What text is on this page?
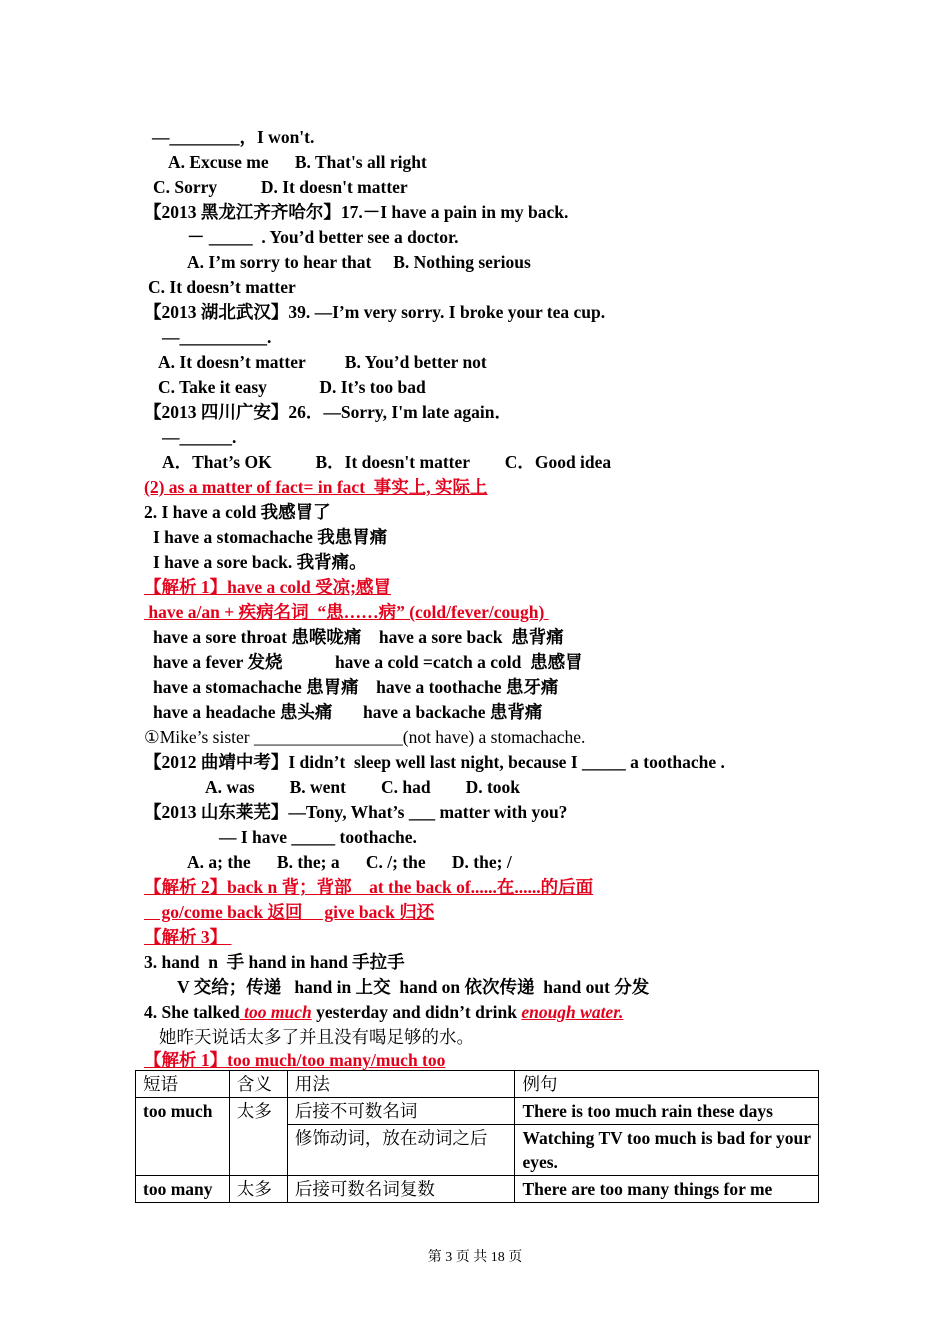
—________，I won't.
A. Excuse me      B. That's all right
C. Sorry          D. It doesn't matter
【2013 黑龙江齐齐哈尔】17.－I have a pain in my back.
－ _____  . You’d better see a doctor.
A. I’m sorry to hear that     B. Nothing serious
C. It doesn’t matter
【2013 湖北武汉】39. —I’m very sorry. I broke your tea cup.
—__________.
A. It doesn’t matter         B. You’d better not
C. Take it easy            D. It’s too bad
【2013 四川广安】26．—Sorry, I'm late again．
—______.
A．That’s OK          B．It doesn't matter        C．Good idea
(2) as a matter of fact= in fact  事实上, 实际上
2. I have a cold 我感冒了
I have a stomachache 我患胃痛
I have a sore back. 我背痛。
【解析 1】have a cold 受凉;感冒
have a/an + 疾病名词  “患……病” (cold/fever/cough)
have a sore throat 患喉咙痛    have a sore back  患背痛
have a fever 发烧            have a cold =catch a cold  患感冒
have a stomachache 患胃痛    have a toothache 患牙痛
have a headache 患头痛       have a backache 患背痛
①Mike’s sister _________________(not have) a stomachache.
【2012 曲靖中考】I didn’t  sleep well last night, because I _____ a toothache .
A. was        B. went        C. had        D. took
【2013 山东莱芜】—Tony, What’s ___ matter with you?
— I have _____ toothache.
A. a; the      B. the; a      C. /; the      D. the; /
【解析 2】back n 背；背部    at the back of......在......的后面
go/come back 返回     give back 归还
【解析 3】
3. hand  n  手 hand in hand 手拉手
V 交给；传递   hand in 上交  hand on 依次传递  hand out 分发
4. She talked too much yesterday and didn’t drink enough water.
她昨天说话太多了并且没有喝足够的水。
【解析 1】too much/too many/much too
短语	含义	用法	例句
too much	太多	后接不可数名词	There is too much rain these days
		修饰动词，放在动词之后	Watching TV too much is bad for your eyes.
too many	太多	后接可数名词复数	There are too many things for me
第 3 页 共 18 页
